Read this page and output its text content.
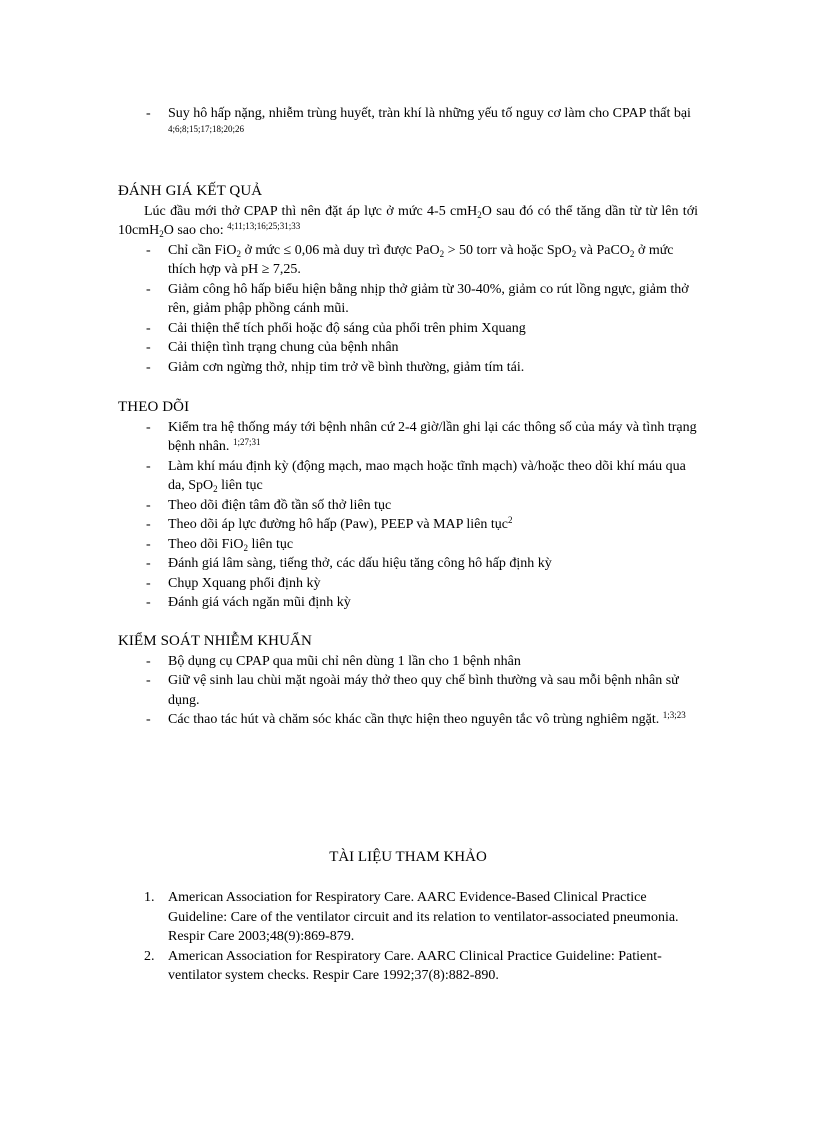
- Suy hô hấp nặng, nhiễm trùng huyết, tràn khí là những yếu tố nguy cơ làm cho CPAP thất bại $^{4;6;8;15;17;18;20;26}$
ĐÁNH GIÁ KẾT QUẢ
Lúc đầu mới thở CPAP thì nên đặt áp lực ở mức 4-5 cmH$_2$O sau đó có thể tăng dần từ từ lên tới 10cmH$_2$O sao cho: $^{4;11;13;16;25;31;33}$
- Chỉ cần FiO$_2$ ở mức ≤ 0,06 mà duy trì được PaO$_2$ > 50 torr và hoặc SpO$_2$ và PaCO$_2$ ở mức thích hợp và pH ≥ 7,25.
- Giảm công hô hấp biểu hiện bằng nhịp thở giảm từ 30-40%, giảm co rút lồng ngực, giảm thở rên, giảm phập phồng cánh mũi.
- Cải thiện thể tích phổi hoặc độ sáng của phổi trên phim Xquang
- Cải thiện tình trạng chung của bệnh nhân
- Giảm cơn ngừng thở, nhịp tim trở về bình thường, giảm tím tái.
THEO DÕI
- Kiểm tra hệ thống máy tới bệnh nhân cứ 2-4 giờ/lần ghi lại các thông số của máy và tình trạng bệnh nhân. $^{1;27;31}$
- Làm khí máu định kỳ (động mạch, mao mạch hoặc tĩnh mạch) và/hoặc theo dõi khí máu qua da, SpO$_2$ liên tục
- Theo dõi điện tâm đồ tần số thở liên tục
- Theo dõi áp lực đường hô hấp (Paw), PEEP và MAP liên tục$^2$
- Theo dõi FiO$_2$ liên tục
- Đánh giá lâm sàng, tiếng thở, các dấu hiệu tăng công hô hấp định kỳ
- Chụp Xquang phổi định kỳ
- Đánh giá vách ngăn mũi định kỳ
KIỂM SOÁT NHIỄM KHUẨN
- Bộ dụng cụ CPAP qua mũi chỉ nên dùng 1 lần cho 1 bệnh nhân
- Giữ vệ sinh lau chùi mặt ngoài máy thở theo quy chế bình thường và sau mỗi bệnh nhân sử dụng.
- Các thao tác hút và chăm sóc khác cần thực hiện theo nguyên tắc vô trùng nghiêm ngặt. $^{1;3;23}$
TÀI LIỆU THAM KHẢO
1. American Association for Respiratory Care. AARC Evidence-Based Clinical Practice Guideline: Care of the ventilator circuit and its relation to ventilator-associated pneumonia. Respir Care 2003;48(9):869-879.
2. American Association for Respiratory Care. AARC Clinical Practice Guideline: Patient-ventilator system checks. Respir Care 1992;37(8):882-890.
